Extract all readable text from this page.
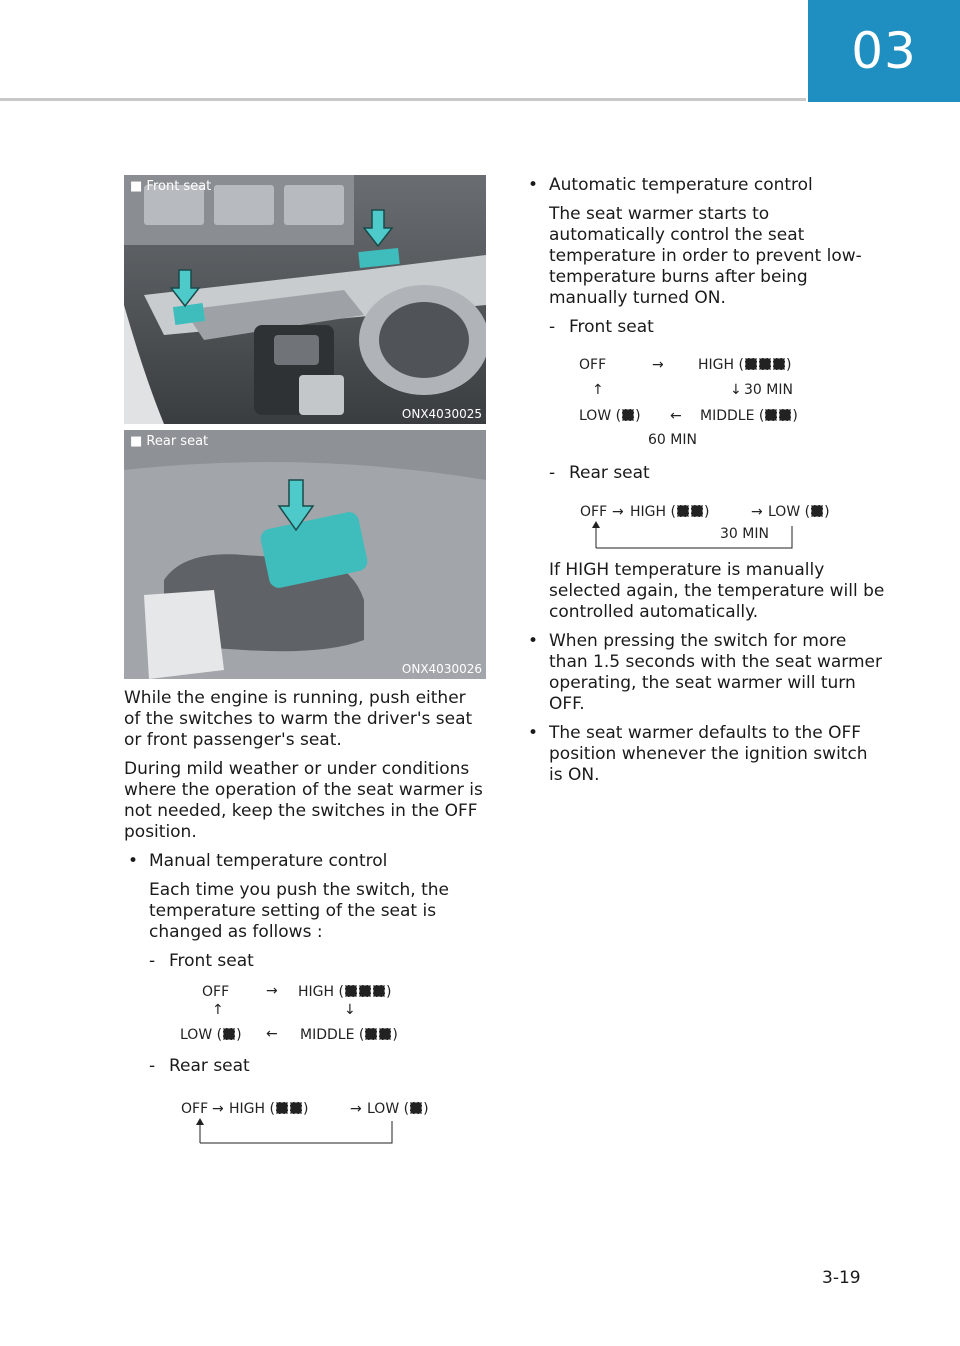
03
■ Front seat
ONX4030025
■ Rear seat
ONX4030026

While the engine is running, push either of the switches to warm the driver's seat or front passenger's seat.

During mild weather or under conditions where the operation of the seat warmer is not needed, keep the switches in the OFF position.

• Manual temperature control
Each time you push the switch, the temperature setting of the seat is changed as follows :
- Front seat
OFF	→ HIGH (	)
↑	↓
LOW ( ) ← MIDDLE ( )
- Rear seat
OFF → HIGH ( )	→ LOW ( )
• Automatic temperature control
The seat warmer starts to automatically control the seat temperature in order to prevent low-temperature burns after being manually turned ON.
- Front seat
OFF	→ HIGH (	)
↑	↓ 30 MIN
LOW ( ) ← MIDDLE ( )
60 MIN
- Rear seat
OFF → HIGH ( )	→ LOW ( )
30 MIN
If HIGH temperature is manually selected again, the temperature will be controlled automatically.
• When pressing the switch for more than 1.5 seconds with the seat warmer operating, the seat warmer will turn OFF.
• The seat warmer defaults to the OFF position whenever the ignition switch is ON.
3-19
